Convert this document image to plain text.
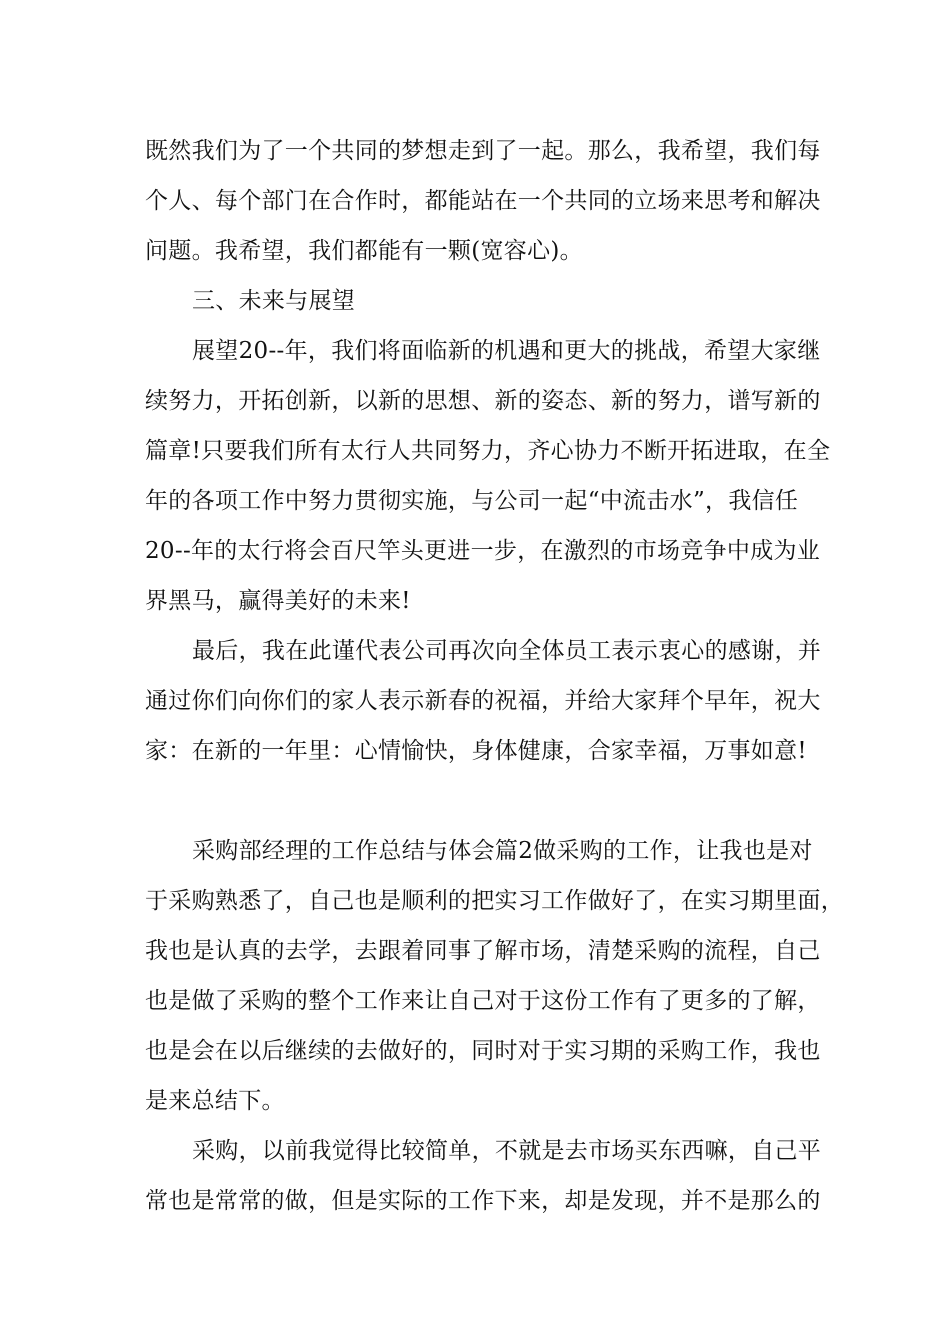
既然我们为了一个共同的梦想走到了一起。那么，我希望，我们每

个人、每个部门在合作时，都能站在一个共同的立场来思考和解决

问题。我希望，我们都能有一颗(宽容心)。

三、未来与展望

展望20--年，我们将面临新的机遇和更大的挑战，希望大家继

续努力，开拓创新，以新的思想、新的姿态、新的努力，谱写新的

篇章!只要我们所有太行人共同努力，齐心协力不断开拓进取，在全

年的各项工作中努力贯彻实施，与公司一起“中流击水”，我信任

20--年的太行将会百尺竿头更进一步，在激烈的市场竞争中成为业

界黑马，赢得美好的未来!

最后，我在此谨代表公司再次向全体员工表示衷心的感谢，并

通过你们向你们的家人表示新春的祝福，并给大家拜个早年，祝大

家：在新的一年里：心情愉快，身体健康，合家幸福，万事如意!

采购部经理的工作总结与体会篇2做采购的工作，让我也是对

于采购熟悉了，自己也是顺利的把实习工作做好了，在实习期里面，

我也是认真的去学，去跟着同事了解市场，清楚采购的流程，自己

也是做了采购的整个工作来让自己对于这份工作有了更多的了解，

也是会在以后继续的去做好的，同时对于实习期的采购工作，我也

是来总结下。

采购，以前我觉得比较简单，不就是去市场买东西嘛，自己平

常也是常常的做，但是实际的工作下来，却是发现，并不是那么的
